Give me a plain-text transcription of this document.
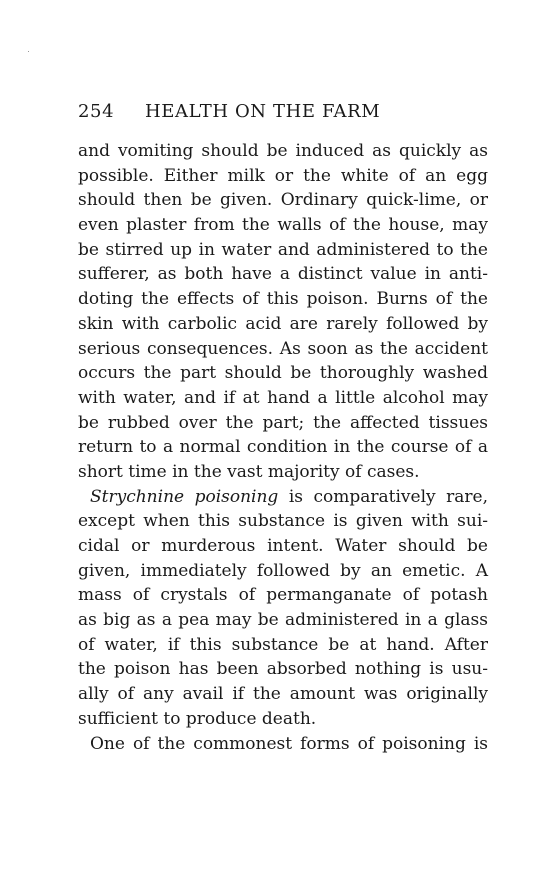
254 HEALTH ON THE FARM
and vomiting should be induced as quickly as
possible. Either milk or the white of an egg
should then be given. Ordinary quick-lime, or
even plaster from the walls of the house, may
be stirred up in water and administered to the
sufferer, as both have a distinct value in anti-
doting the effects of this poison. Burns of the
skin with carbolic acid are rarely followed by
serious consequences. As soon as the accident
occurs the part should be thoroughly washed
with water, and if at hand a little alcohol may
be rubbed over the part; the affected tissues
return to a normal condition in the course of a
short time in the vast majority of cases.
Strychnine poisoning is comparatively rare,
except when this substance is given with sui-
cidal or murderous intent. Water should be
given, immediately followed by an emetic. A
mass of crystals of permanganate of potash
as big as a pea may be administered in a glass
of water, if this substance be at hand. After
the poison has been absorbed nothing is usu-
ally of any avail if the amount was originally
sufficient to produce death.
One of the commonest forms of poisoning is
